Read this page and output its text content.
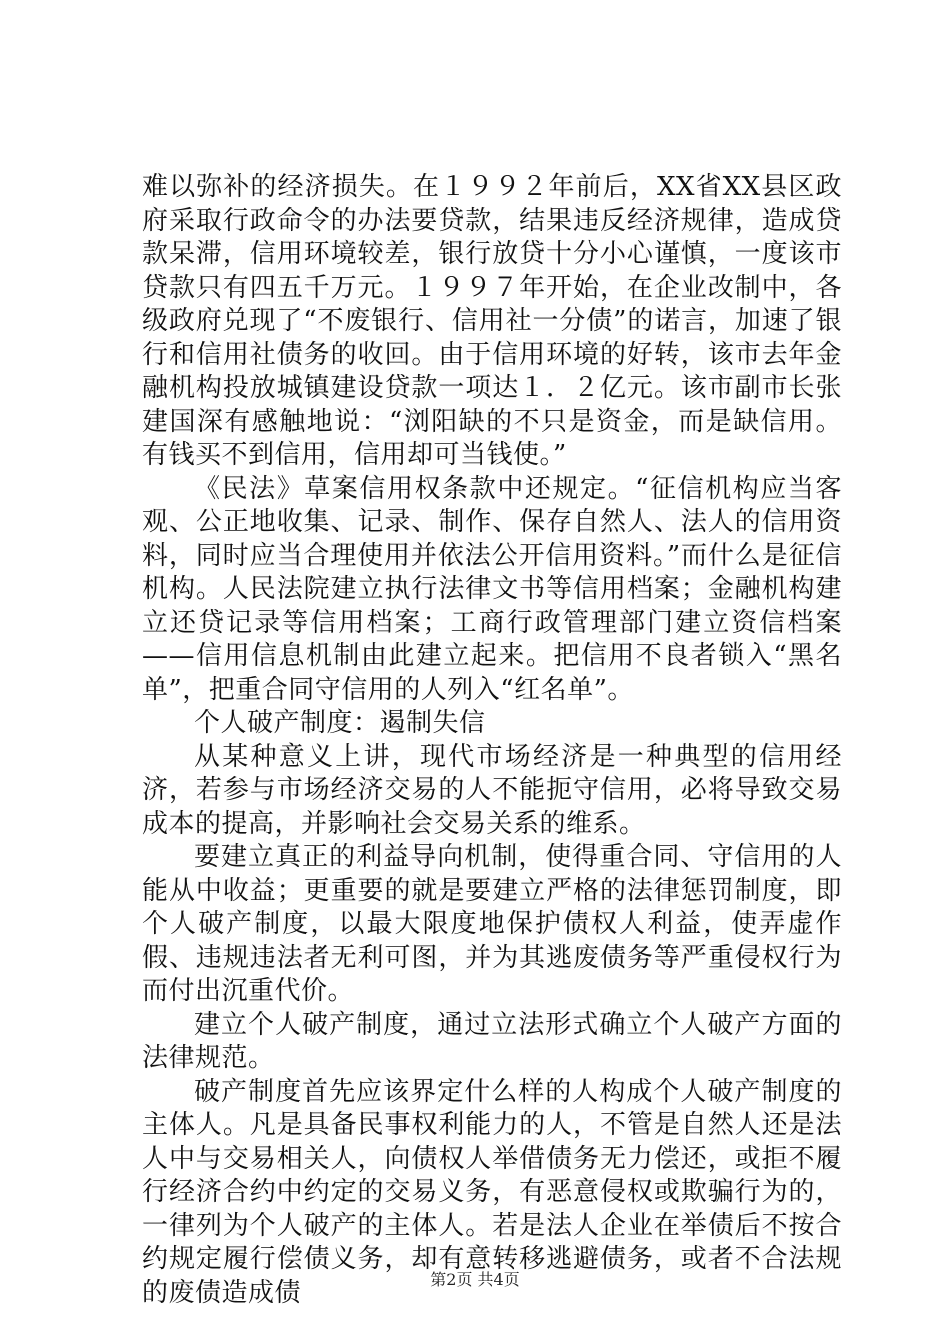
难以弥补的经济损失。在１９９２年前后，XX省XX县区政府采取行政命令的办法要贷款，结果违反经济规律，造成贷款呆滞，信用环境较差，银行放贷十分小心谨慎，一度该市贷款只有四五千万元。１９９７年开始，在企业改制中，各级政府兑现了“不废银行、信用社一分债”的诺言，加速了银行和信用社债务的收回。由于信用环境的好转，该市去年金融机构投放城镇建设贷款一项达１．２亿元。该市副市长张建国深有感触地说：“浏阳缺的不只是资金，而是缺信用。有钱买不到信用，信用却可当钱使。”

《民法》草案信用权条款中还规定。“征信机构应当客观、公正地收集、记录、制作、保存自然人、法人的信用资料，同时应当合理使用并依法公开信用资料。”而什么是征信机构。人民法院建立执行法律文书等信用档案；金融机构建立还贷记录等信用档案；工商行政管理部门建立资信档案——信用信息机制由此建立起来。把信用不良者锁入“黑名单”，把重合同守信用的人列入“红名单”。

个人破产制度：遏制失信

从某种意义上讲，现代市场经济是一种典型的信用经济，若参与市场经济交易的人不能扼守信用，必将导致交易成本的提高，并影响社会交易关系的维系。

要建立真正的利益导向机制，使得重合同、守信用的人能从中收益；更重要的就是要建立严格的法律惩罚制度，即个人破产制度，以最大限度地保护债权人利益，使弄虚作假、违规违法者无利可图，并为其逃废债务等严重侵权行为而付出沉重代价。

建立个人破产制度，通过立法形式确立个人破产方面的法律规范。

破产制度首先应该界定什么样的人构成个人破产制度的主体人。凡是具备民事权利能力的人，不管是自然人还是法人中与交易相关人，向债权人举借债务无力偿还，或拒不履行经济合约中约定的交易义务，有恶意侵权或欺骗行为的，一律列为个人破产的主体人。若是法人企业在举债后不按合约规定履行偿债义务，却有意转移逃避债务，或者不合法规的废债造成债	第2页 共4页
